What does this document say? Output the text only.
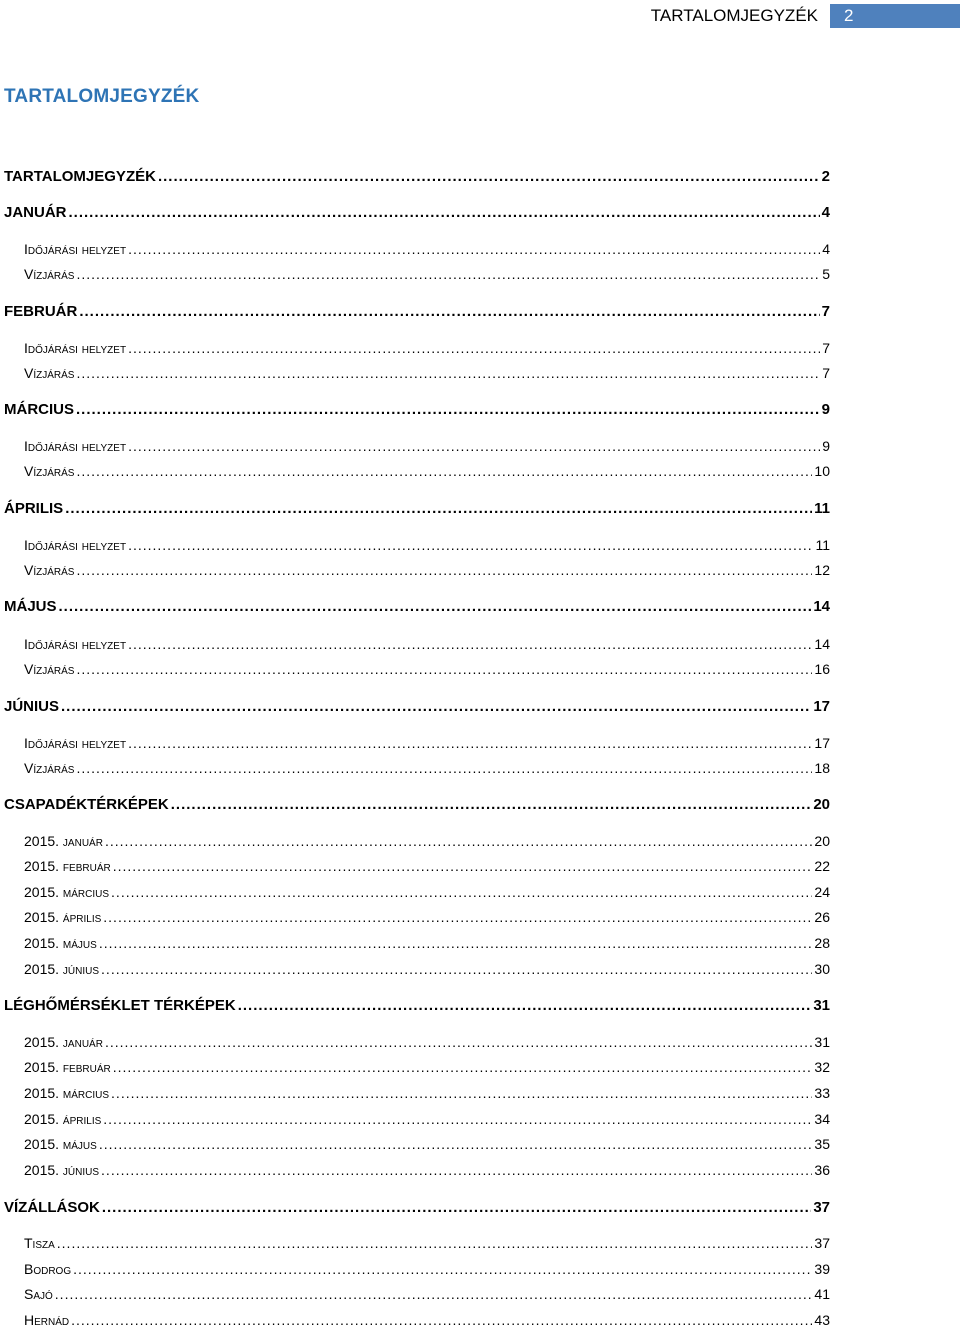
TARTALOMJEGYZÉK	2
TARTALOMJEGYZÉK
TARTALOMJEGYZÉK .....	2
JANUÁR .....	4
Időjárási helyzet .....	4
Vízjárás .....	5
FEBRUÁR .....	7
Időjárási helyzet .....	7
Vízjárás .....	7
MÁRCIUS .....	9
Időjárási helyzet .....	9
Vízjárás .....	10
ÁPRILIS .....	11
Időjárási helyzet .....	11
Vízjárás .....	12
MÁJUS .....	14
Időjárási helyzet .....	14
Vízjárás .....	16
JÚNIUS .....	17
Időjárási helyzet .....	17
Vízjárás .....	18
CSAPADÉKTÉRKÉPEK .....	20
2015. január .....	20
2015. február .....	22
2015. március .....	24
2015. április .....	26
2015. május .....	28
2015. június .....	30
LÉGHŐMÉRSÉKLET TÉRKÉPEK .....	31
2015. január .....	31
2015. február .....	32
2015. március .....	33
2015. április .....	34
2015. május .....	35
2015. június .....	36
VÍZÁLLÁSOK .....	37
Tisza .....	37
Bodrog .....	39
Sajó .....	41
Hernád .....	43
